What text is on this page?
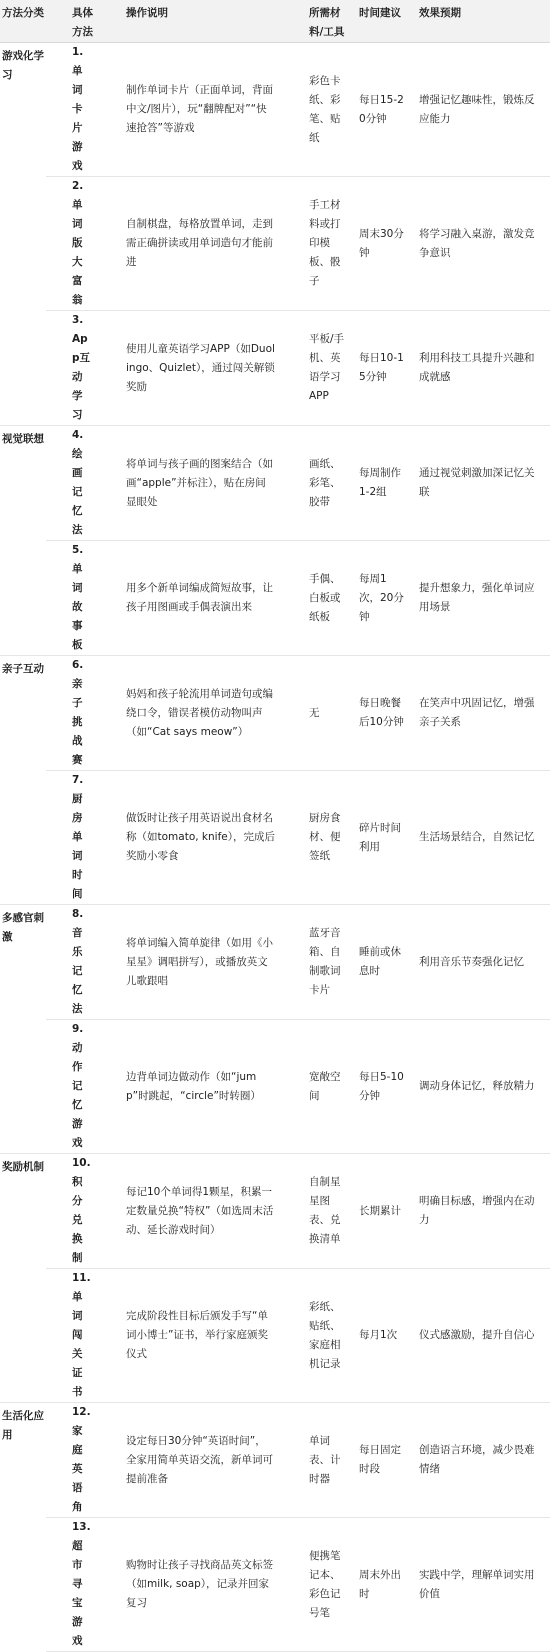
方法分类	具体方法	操作说明	所需材料/工具	时间建议	效果预期
游戏化学习	1. 单词卡片游戏	制作单词卡片（正面单词，背面中文/图片），玩“翻牌配对”“快速抢答”等游戏	彩色卡纸、彩笔、贴纸	每日15-20分钟	增强记忆趣味性，锻炼反应能力

	2. 单词版大富翁	自制棋盘，每格放置单词，走到需正确拼读或用单词造句才能前进	手工材料或打印模板、骰子	周末30分钟	将学习融入桌游，激发竞争意识

	3. App互动学习	使用儿童英语学习APP（如Duolingo、Quizlet），通过闯关解锁奖励	平板/手机、英语学习APP	每日10-15分钟	利用科技工具提升兴趣和成就感

视觉联想	4. 绘画记忆法	将单词与孩子画的图案结合（如画“apple”并标注），贴在房间显眼处	画纸、彩笔、胶带	每周制作1-2组	通过视觉刺激加深记忆关联

	5. 单词故事板	用多个新单词编成简短故事，让孩子用图画或手偶表演出来	手偶、白板或纸板	每周1次，20分钟	提升想象力，强化单词应用场景

亲子互动	6. 亲子挑战赛	妈妈和孩子轮流用单词造句或编绕口令，错误者模仿动物叫声（如“Cat says meow”）	无	每日晚餐后10分钟	在笑声中巩固记忆，增强亲子关系

	7. 厨房单词时间	做饭时让孩子用英语说出食材名称（如tomato, knife），完成后奖励小零食	厨房食材、便签纸	碎片时间利用	生活场景结合，自然记忆

多感官刺激	8. 音乐记忆法	将单词编入简单旋律（如用《小星星》调唱拼写），或播放英文儿歌跟唱	蓝牙音箱、自制歌词卡片	睡前或休息时	利用音乐节奏强化记忆

	9. 动作记忆游戏	边背单词边做动作（如“jump”时跳起，“circle”时转圈）	宽敞空间	每日5-10分钟	调动身体记忆，释放精力

奖励机制	10. 积分兑换制	每记10个单词得1颗星，积累一定数量兑换“特权”（如选周末活动、延长游戏时间）	自制星星图表、兑换清单	长期累计	明确目标感，增强内在动力

	11. 单词闯关证书	完成阶段性目标后颁发手写“单词小博士”证书，举行家庭颁奖仪式	彩纸、贴纸、家庭相机记录	每月1次	仪式感激励，提升自信心

生活化应用	12. 家庭英语角	设定每日30分钟“英语时间”，全家用简单英语交流，新单词可提前准备	单词表、计时器	每日固定时段	创造语言环境，减少畏难情绪

	13. 超市寻宝游戏	购物时让孩子寻找商品英文标签（如milk, soap），记录并回家复习	便携笔记本、彩色记号笔	周末外出时	实践中学，理解单词实用价值
